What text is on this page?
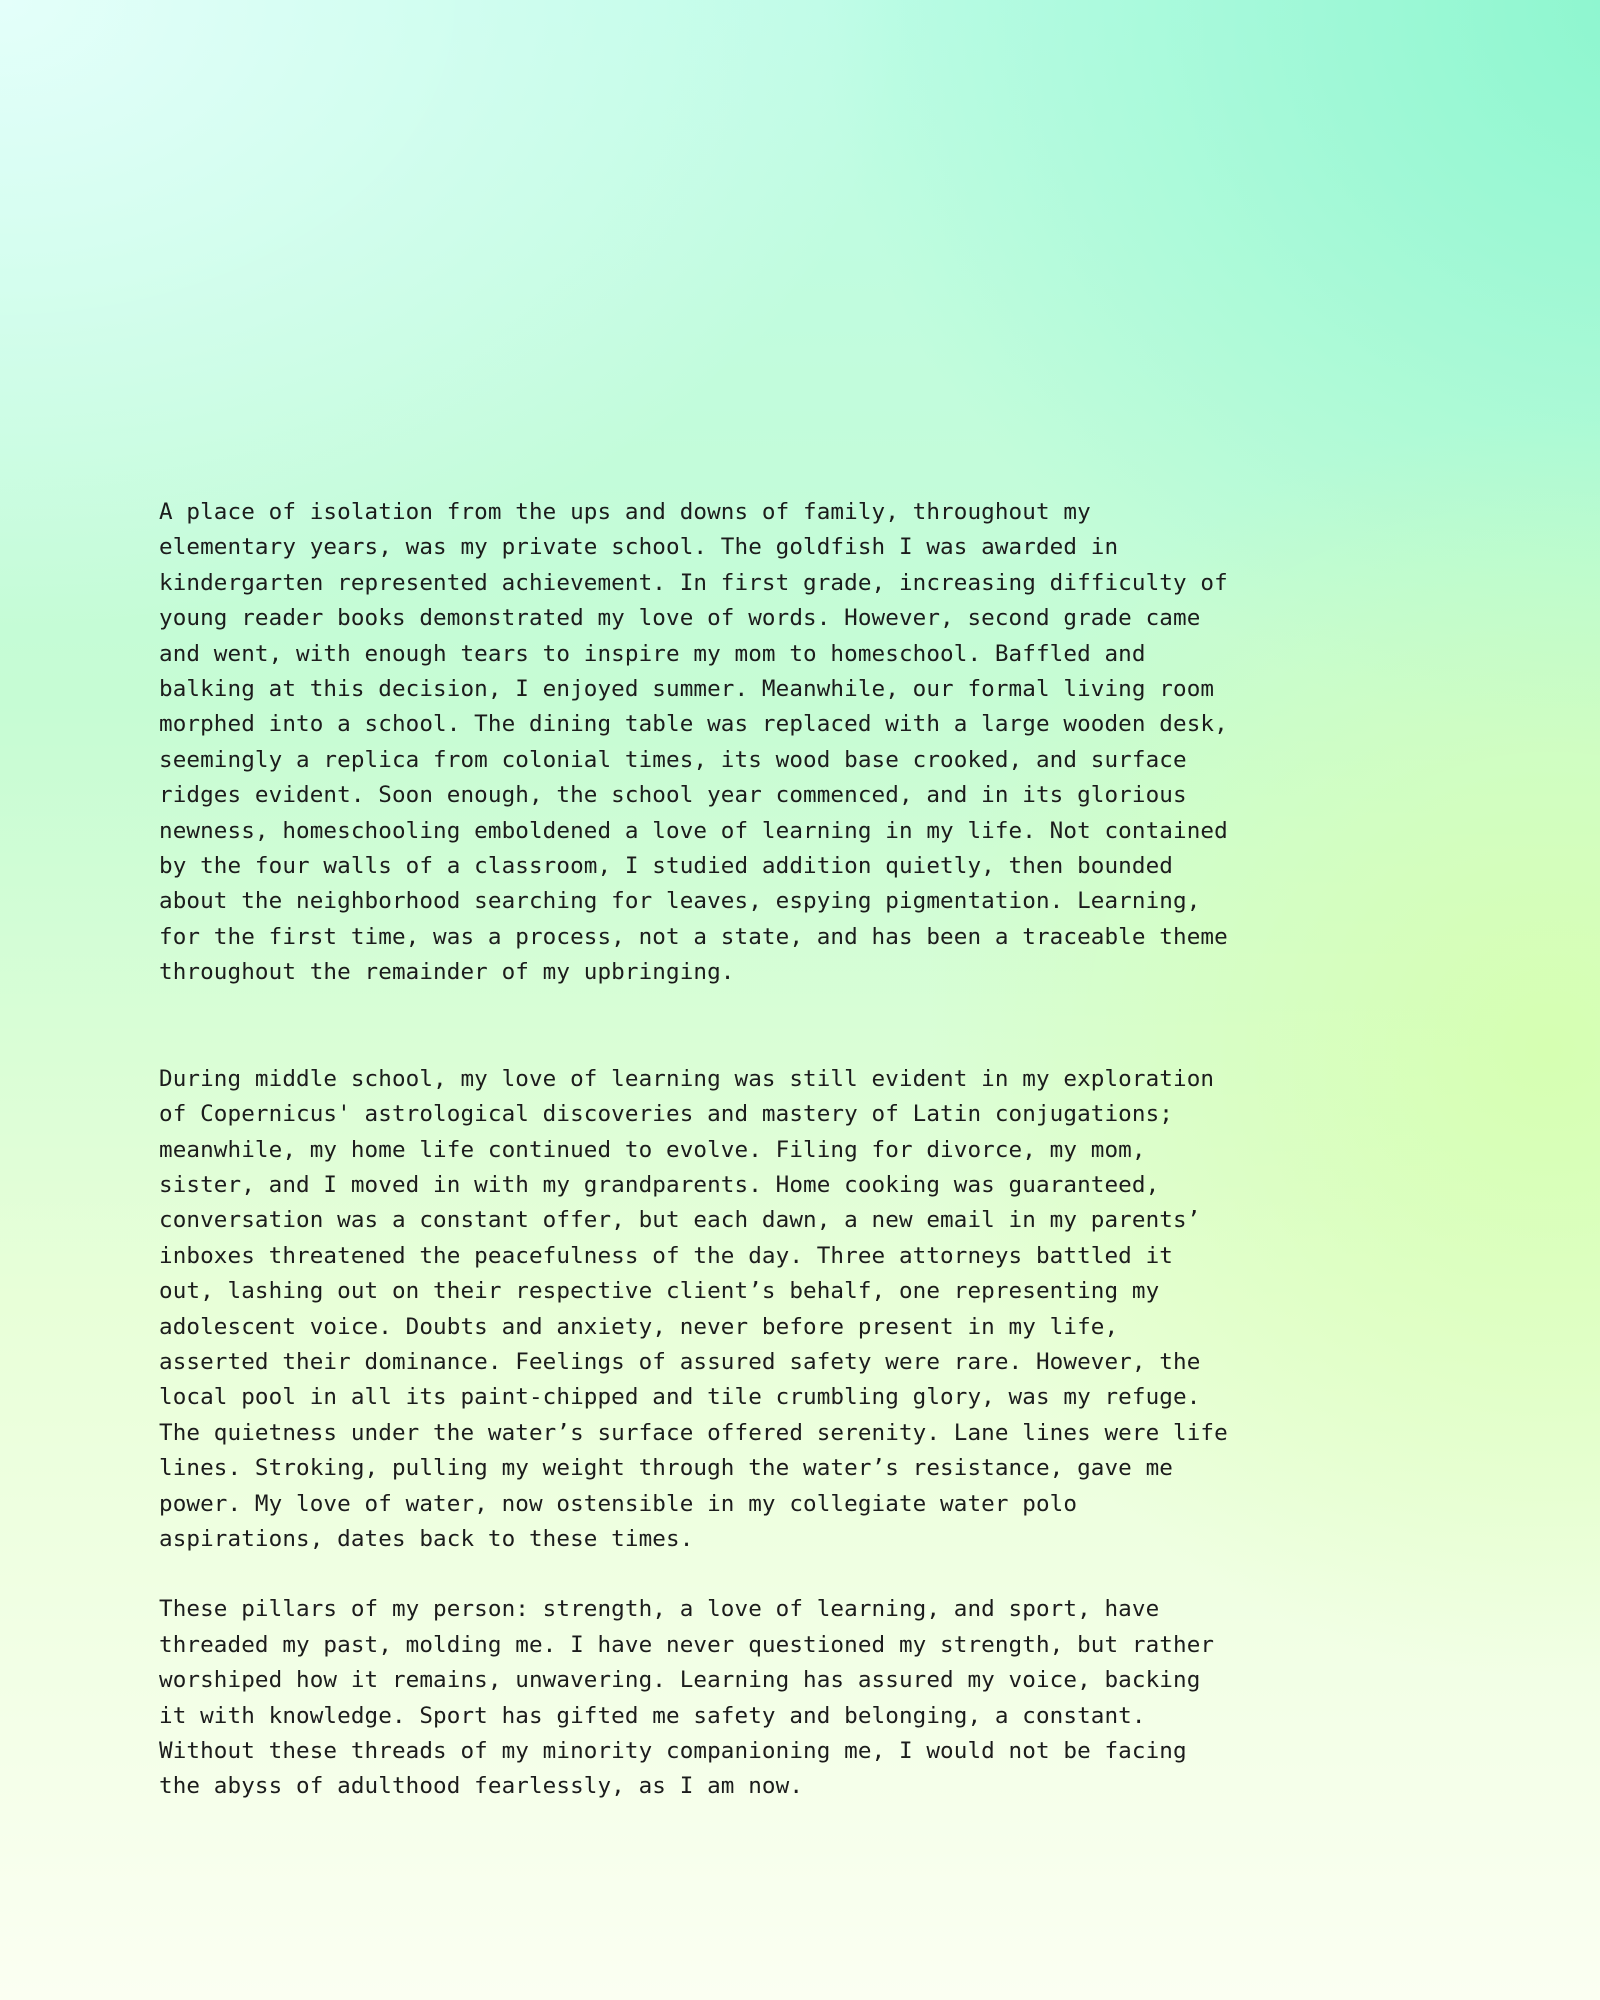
A place of isolation from the ups and downs of family, throughout my
elementary years, was my private school. The goldfish I was awarded in
kindergarten represented achievement. In first grade, increasing difficulty of
young reader books demonstrated my love of words. However, second grade came
and went, with enough tears to inspire my mom to homeschool. Baffled and
balking at this decision, I enjoyed summer. Meanwhile, our formal living room
morphed into a school. The dining table was replaced with a large wooden desk,
seemingly a replica from colonial times, its wood base crooked, and surface
ridges evident. Soon enough, the school year commenced, and in its glorious
newness, homeschooling emboldened a love of learning in my life. Not contained
by the four walls of a classroom, I studied addition quietly, then bounded
about the neighborhood searching for leaves, espying pigmentation. Learning,
for the first time, was a process, not a state, and has been a traceable theme
throughout the remainder of my upbringing.

During middle school, my love of learning was still evident in my exploration
of Copernicus' astrological discoveries and mastery of Latin conjugations;
meanwhile, my home life continued to evolve. Filing for divorce, my mom,
sister, and I moved in with my grandparents. Home cooking was guaranteed,
conversation was a constant offer, but each dawn, a new email in my parents’
inboxes threatened the peacefulness of the day. Three attorneys battled it
out, lashing out on their respective client’s behalf, one representing my
adolescent voice. Doubts and anxiety, never before present in my life,
asserted their dominance. Feelings of assured safety were rare. However, the
local pool in all its paint-chipped and tile crumbling glory, was my refuge.
The quietness under the water’s surface offered serenity. Lane lines were life
lines. Stroking, pulling my weight through the water’s resistance, gave me
power. My love of water, now ostensible in my collegiate water polo
aspirations, dates back to these times.

These pillars of my person: strength, a love of learning, and sport, have
threaded my past, molding me. I have never questioned my strength, but rather
worshiped how it remains, unwavering. Learning has assured my voice, backing
it with knowledge. Sport has gifted me safety and belonging, a constant.
Without these threads of my minority companioning me, I would not be facing
the abyss of adulthood fearlessly, as I am now.
